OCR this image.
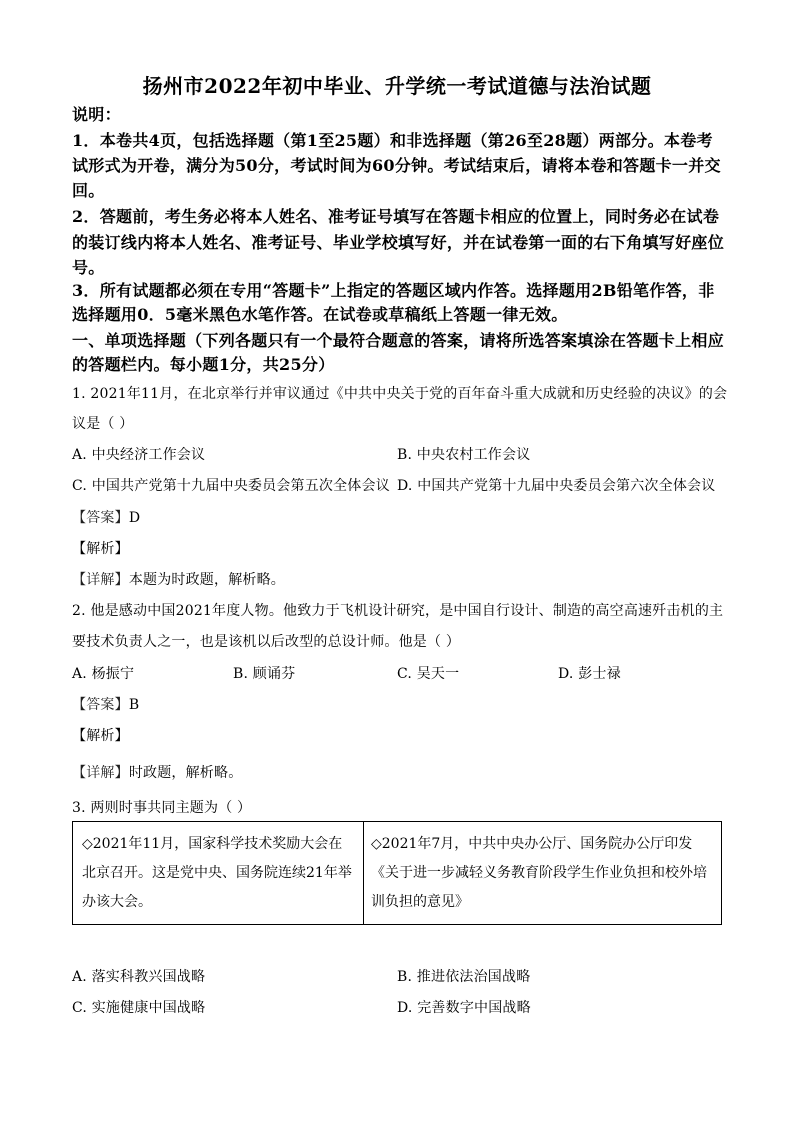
扬州市2022年初中毕业、升学统一考试道德与法治试题
说明：
1．本卷共4页，包括选择题（第1至25题）和非选择题（第26至28题）两部分。本卷考
试形式为开卷，满分为50分，考试时间为60分钟。考试结束后，请将本卷和答题卡一并交
回。
2．答题前，考生务必将本人姓名、准考证号填写在答题卡相应的位置上，同时务必在试卷
的装订线内将本人姓名、准考证号、毕业学校填写好，并在试卷第一面的右下角填写好座位
号。
3．所有试题都必须在专用“答题卡”上指定的答题区域内作答。选择题用2B铅笔作答，非
选择题用0．5毫米黑色水笔作答。在试卷或草稿纸上答题一律无效。
一、单项选择题（下列各题只有一个最符合题意的答案，请将所选答案填涂在答题卡上相应
的答题栏内。每小题1分，共25分）
1. 2021年11月，在北京举行并审议通过《中共中央关于党的百年奋斗重大成就和历史经验的决议》的会
议是（ ）
A. 中央经济工作会议	B. 中央农村工作会议
C. 中国共产党第十九届中央委员会第五次全体会议 D. 中国共产党第十九届中央委员会第六次全体会议
【答案】D
【解析】
【详解】本题为时政题，解析略。
2. 他是感动中国2021年度人物。他致力于飞机设计研究，是中国自行设计、制造的高空高速歼击机的主
要技术负责人之一，也是该机以后改型的总设计师。他是（ ）
A. 杨振宁	B. 顾诵芬	C. 吴天一	D. 彭士禄
【答案】B
【解析】
【详解】时政题，解析略。
3. 两则时事共同主题为（ ）
◇2021年11月，国家科学技术奖励大会在
北京召开。这是党中央、国务院连续21年举
办该大会。
◇2021年7月，中共中央办公厅、国务院办公厅印发
《关于进一步减轻义务教育阶段学生作业负担和校外培
训负担的意见》
A. 落实科教兴国战略	B. 推进依法治国战略
C. 实施健康中国战略	D. 完善数字中国战略
